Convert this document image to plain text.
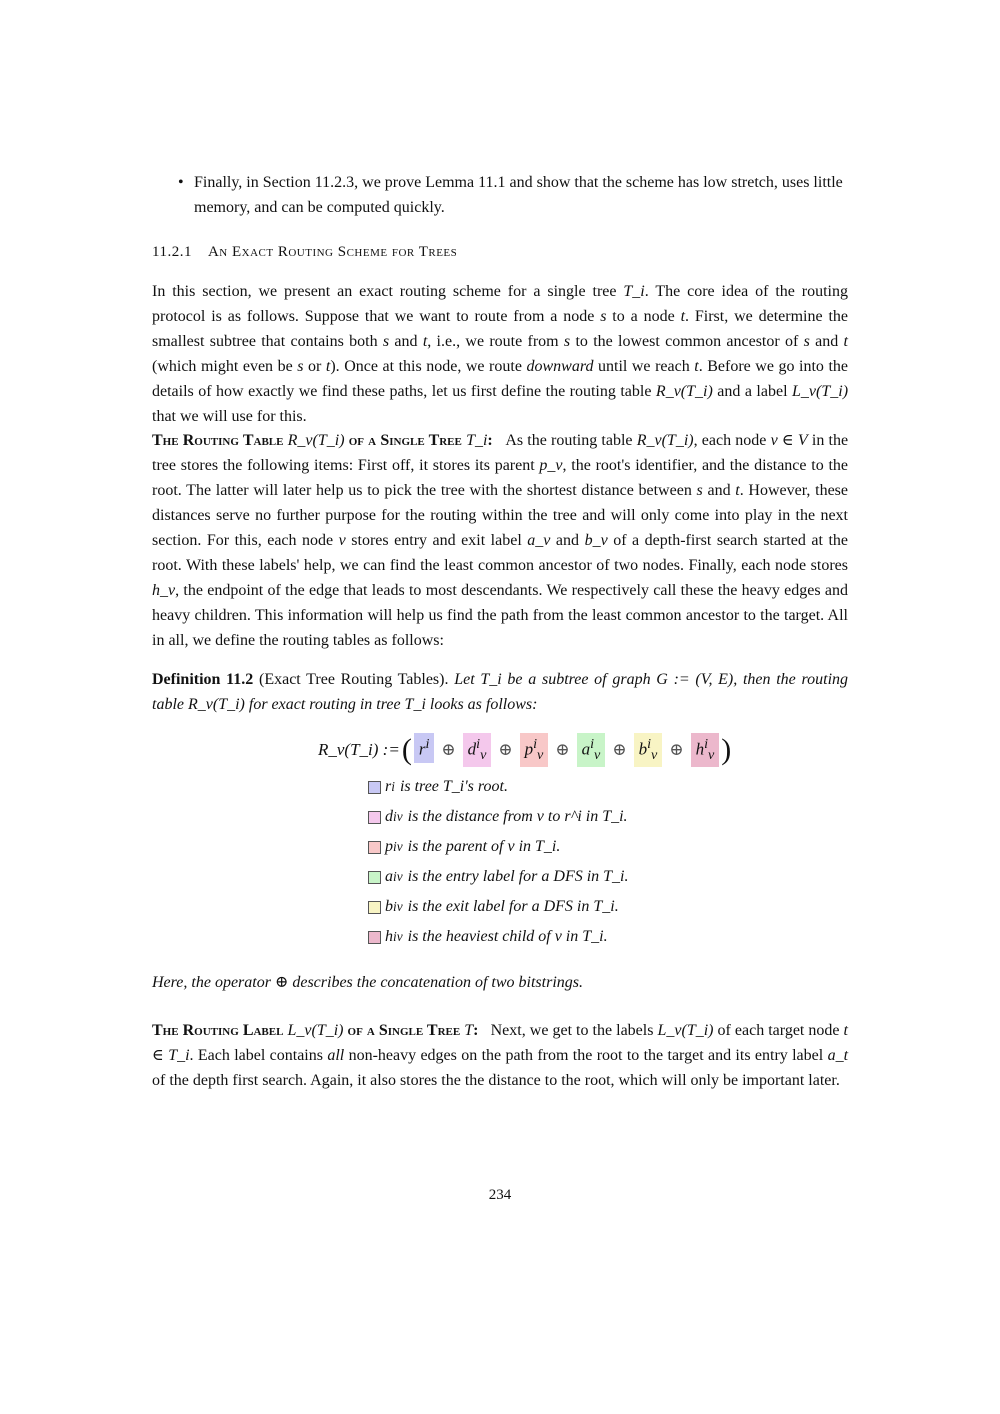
• Finally, in Section 11.2.3, we prove Lemma 11.1 and show that the scheme has low stretch, uses little memory, and can be computed quickly.
11.2.1 An Exact Routing Scheme for Trees
In this section, we present an exact routing scheme for a single tree T_i. The core idea of the routing protocol is as follows. Suppose that we want to route from a node s to a node t. First, we determine the smallest subtree that contains both s and t, i.e., we route from s to the lowest common ancestor of s and t (which might even be s or t). Once at this node, we route downward until we reach t. Before we go into the details of how exactly we find these paths, let us first define the routing table R_v(T_i) and a label L_v(T_i) that we will use for this.
The Routing Table R_v(T_i) of a Single Tree T_i: As the routing table R_v(T_i), each node v ∈ V in the tree stores the following items: First off, it stores its parent p_v, the root's identifier, and the distance to the root. The latter will later help us to pick the tree with the shortest distance between s and t. However, these distances serve no further purpose for the routing within the tree and will only come into play in the next section. For this, each node v stores entry and exit label a_v and b_v of a depth-first search started at the root. With these labels' help, we can find the least common ancestor of two nodes. Finally, each node stores h_v, the endpoint of the edge that leads to most descendants. We respectively call these the heavy edges and heavy children. This information will help us find the path from the least common ancestor to the target. All in all, we define the routing tables as follows:
Definition 11.2 (Exact Tree Routing Tables). Let T_i be a subtree of graph G := (V, E), then the routing table R_v(T_i) for exact routing in tree T_i looks as follows:
R_v(T_i) := ( $r^i$ ⊕ $d^i_v$ ⊕ $p^i_v$ ⊕ $a^i_v$ ⊕ $b^i_v$ ⊕ $h^i_v$ )
r i is tree T_i's root.
d i v is the distance from v to r^i in T_i.
p i v is the parent of v in T_i.
a i v is the entry label for a DFS in T_i.
b i v is the exit label for a DFS in T_i.
h i v is the heaviest child of v in T_i.
Here, the operator ⊕ describes the concatenation of two bitstrings.
The Routing Label L_v(T_i) of a Single Tree T: Next, we get to the labels L_v(T_i) of each target node t ∈ T_i. Each label contains all non-heavy edges on the path from the root to the target and its entry label a_t of the depth first search. Again, it also stores the the distance to the root, which will only be important later.
234
